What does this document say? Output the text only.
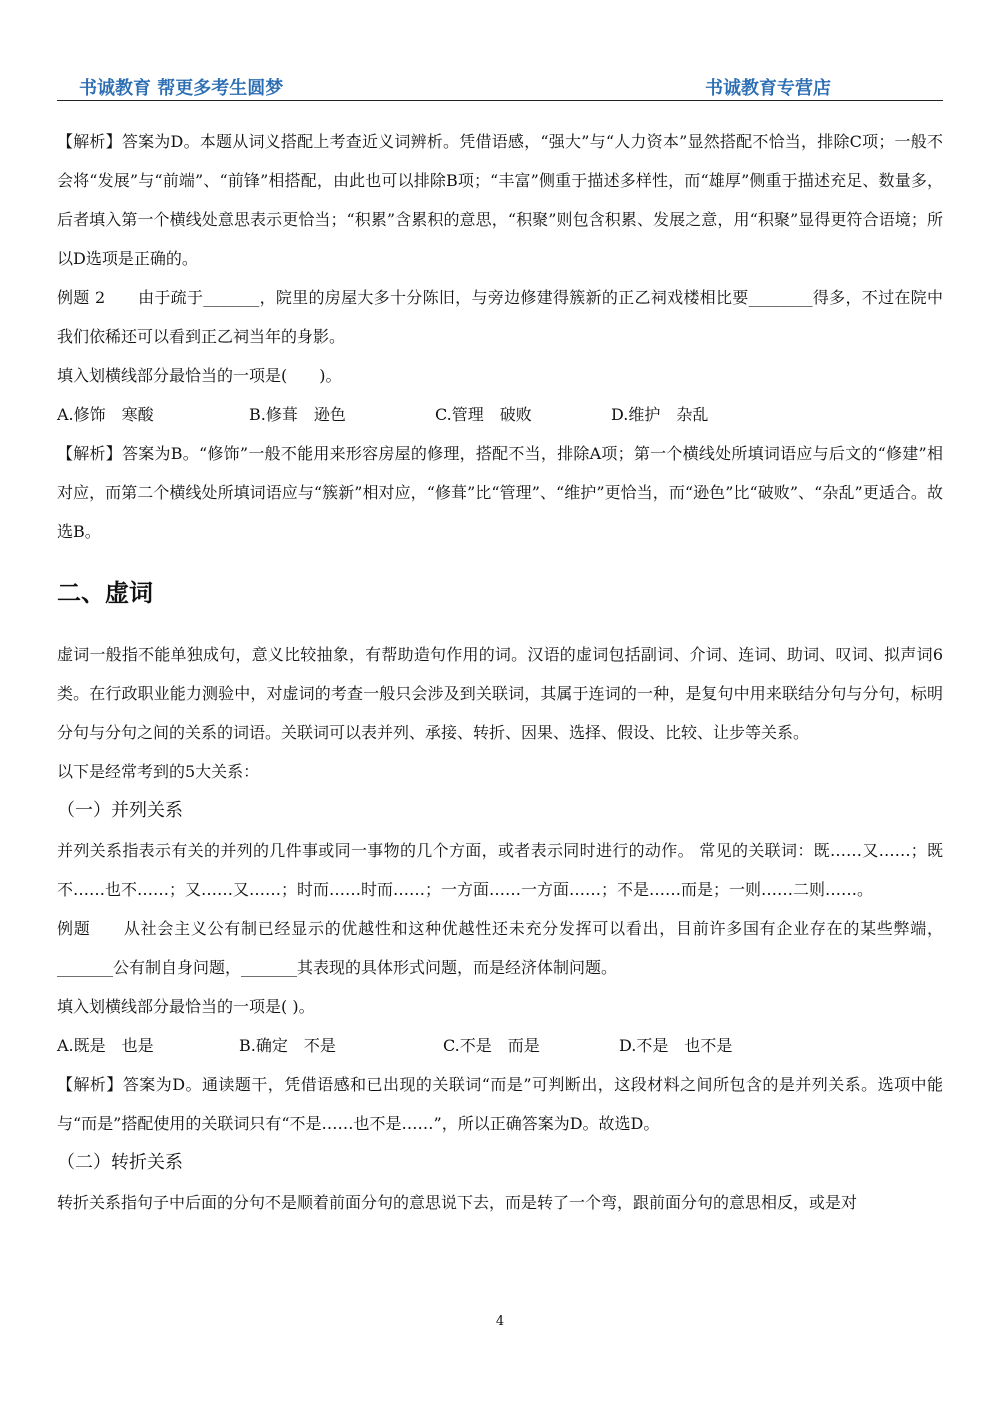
书诚教育 帮更多考生圆梦	书诚教育专营店

【解析】答案为D。本题从词义搭配上考查近义词辨析。凭借语感，“强大”与“人力资本”显然搭配不恰当，排除C项；一般不会将“发展”与“前端”、“前锋”相搭配，由此也可以排除B项；“丰富”侧重于描述多样性，而“雄厚”侧重于描述充足、数量多，后者填入第一个横线处意思表示更恰当；“积累”含累积的意思，“积聚”则包含积累、发展之意，用“积聚”显得更符合语境；所以D选项是正确的。

例题 2　　由于疏于_______，院里的房屋大多十分陈旧，与旁边修建得簇新的正乙祠戏楼相比要________得多，不过在院中我们依稀还可以看到正乙祠当年的身影。

填入划横线部分最恰当的一项是(　　)。

A.修饰　寒酸	B.修葺　逊色	C.管理　破败	D.维护　杂乱

【解析】答案为B。“修饰”一般不能用来形容房屋的修理，搭配不当，排除A项；第一个横线处所填词语应与后文的“修建”相对应，而第二个横线处所填词语应与“簇新”相对应，“修葺”比“管理”、“维护”更恰当，而“逊色”比“破败”、“杂乱”更适合。故选B。

二、虚词

虚词一般指不能单独成句，意义比较抽象，有帮助造句作用的词。汉语的虚词包括副词、介词、连词、助词、叹词、拟声词6类。在行政职业能力测验中，对虚词的考查一般只会涉及到关联词，其属于连词的一种，是复句中用来联结分句与分句，标明分句与分句之间的关系的词语。关联词可以表并列、承接、转折、因果、选择、假设、比较、让步等关系。

以下是经常考到的5大关系：

（一）并列关系

并列关系指表示有关的并列的几件事或同一事物的几个方面，或者表示同时进行的动作。 常见的关联词：既……又……；既不……也不……；又……又……；时而……时而……；一方面……一方面……；不是……而是；一则……二则……。

例题　　从社会主义公有制已经显示的优越性和这种优越性还未充分发挥可以看出，目前许多国有企业存在的某些弊端，_______公有制自身问题，_______其表现的具体形式问题，而是经济体制问题。

填入划横线部分最恰当的一项是( )。

A.既是　也是	B.确定　不是	C.不是　而是	D.不是　也不是

【解析】答案为D。通读题干，凭借语感和已出现的关联词“而是”可判断出，这段材料之间所包含的是并列关系。选项中能与“而是”搭配使用的关联词只有“不是……也不是……”，所以正确答案为D。故选D。

（二）转折关系

转折关系指句子中后面的分句不是顺着前面分句的意思说下去，而是转了一个弯，跟前面分句的意思相反，或是对

4
